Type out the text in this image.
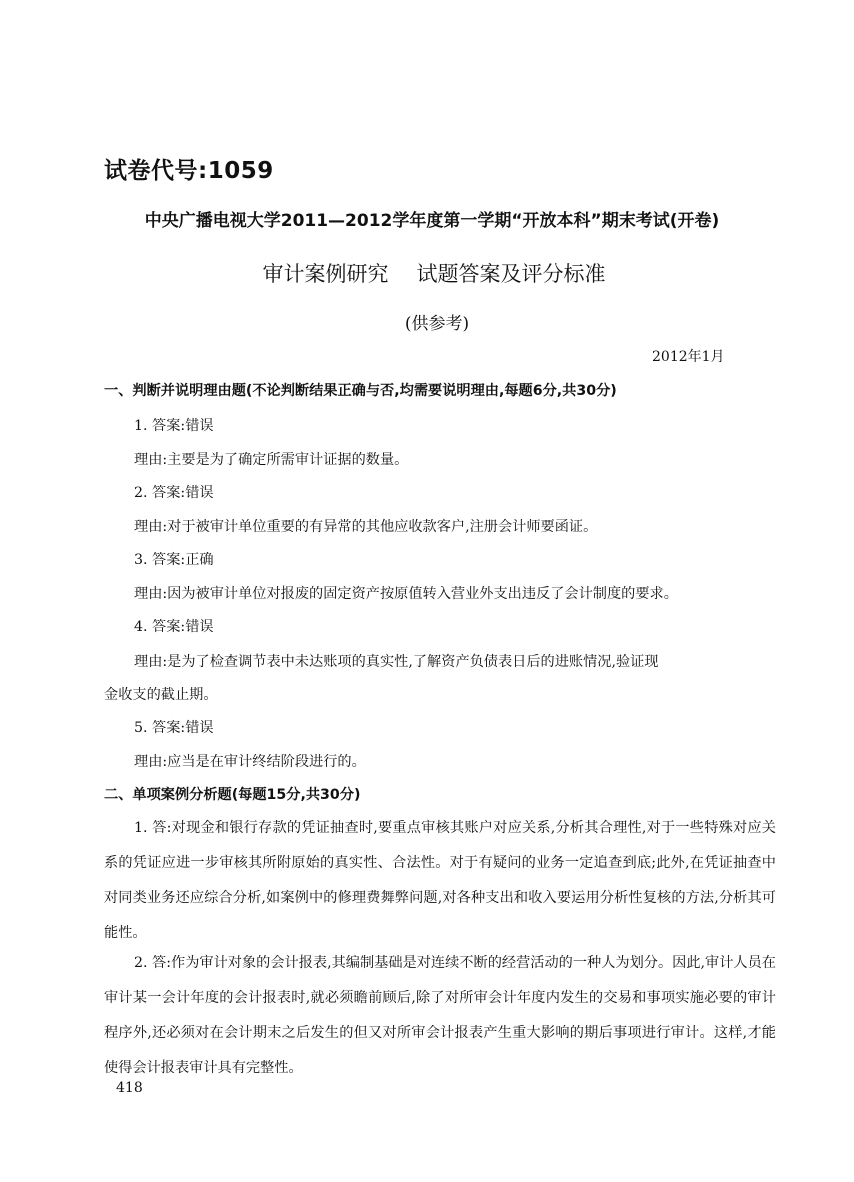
试卷代号:1059
中央广播电视大学2011—2012学年度第一学期“开放本科”期末考试(开卷)
审计案例研究 试题答案及评分标准
(供参考)
2012年1月
一、判断并说明理由题(不论判断结果正确与否,均需要说明理由,每题6分,共30分)
1. 答案:错误
理由:主要是为了确定所需审计证据的数量。
2. 答案:错误
理由:对于被审计单位重要的有异常的其他应收款客户,注册会计师要函证。
3. 答案:正确
理由:因为被审计单位对报废的固定资产按原值转入营业外支出违反了会计制度的要求。
4. 答案:错误
理由:是为了检查调节表中未达账项的真实性,了解资产负债表日后的进账情况,验证现
金收支的截止期。
5. 答案:错误
理由:应当是在审计终结阶段进行的。
二、单项案例分析题(每题15分,共30分)
1. 答:对现金和银行存款的凭证抽查时,要重点审核其账户对应关系,分析其合理性,对于一些特殊对应关系的凭证应进一步审核其所附原始的真实性、合法性。对于有疑问的业务一定追查到底;此外,在凭证抽查中对同类业务还应综合分析,如案例中的修理费舞弊问题,对各种支出和收入要运用分析性复核的方法,分析其可能性。
2. 答:作为审计对象的会计报表,其编制基础是对连续不断的经营活动的一种人为划分。因此,审计人员在审计某一会计年度的会计报表时,就必须瞻前顾后,除了对所审会计年度内发生的交易和事项实施必要的审计程序外,还必须对在会计期末之后发生的但又对所审会计报表产生重大影响的期后事项进行审计。这样,才能使得会计报表审计具有完整性。
418
